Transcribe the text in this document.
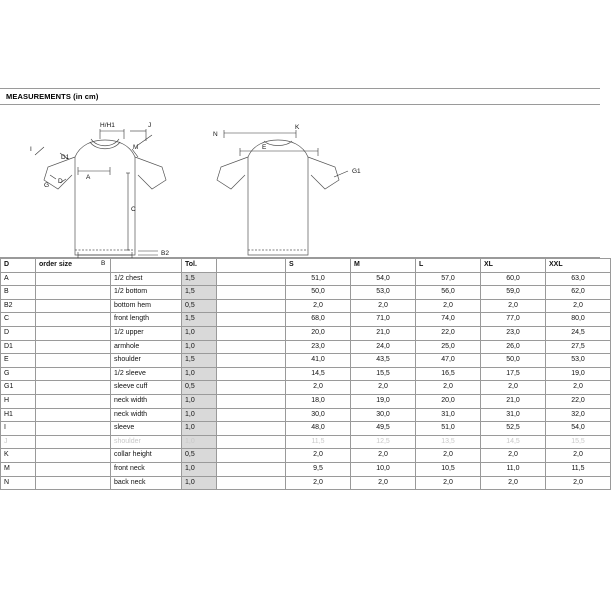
MEASUREMENTS (in cm)
H/H1	J
I
D1
M
G
D
A
C
B
B2
N
K
E
G1
D	order size		Tol.		S	M	L	XL	XXL
A		1/2 chest	1,5		51,0	54,0	57,0	60,0	63,0
B		1/2 bottom	1,5		50,0	53,0	56,0	59,0	62,0
B2		bottom hem	0,5		2,0	2,0	2,0	2,0	2,0
C		front length	1,5		68,0	71,0	74,0	77,0	80,0
D		1/2 upper	1,0		20,0	21,0	22,0	23,0	24,5
D1		armhole	1,0		23,0	24,0	25,0	26,0	27,5
E		shoulder	1,5		41,0	43,5	47,0	50,0	53,0
G		1/2 sleeve	1,0		14,5	15,5	16,5	17,5	19,0
G1		sleeve cuff	0,5		2,0	2,0	2,0	2,0	2,0
H		neck width	1,0		18,0	19,0	20,0	21,0	22,0
H1		neck width	1,0		30,0	30,0	31,0	31,0	32,0
I		sleeve	1,0		48,0	49,5	51,0	52,5	54,0
J		shoulder	1,0		11,5	12,5	13,5	14,5	15,5
K		collar height	0,5		2,0	2,0	2,0	2,0	2,0
M		front neck	1,0		9,5	10,0	10,5	11,0	11,5
N		back neck	1,0		2,0	2,0	2,0	2,0	2,0
